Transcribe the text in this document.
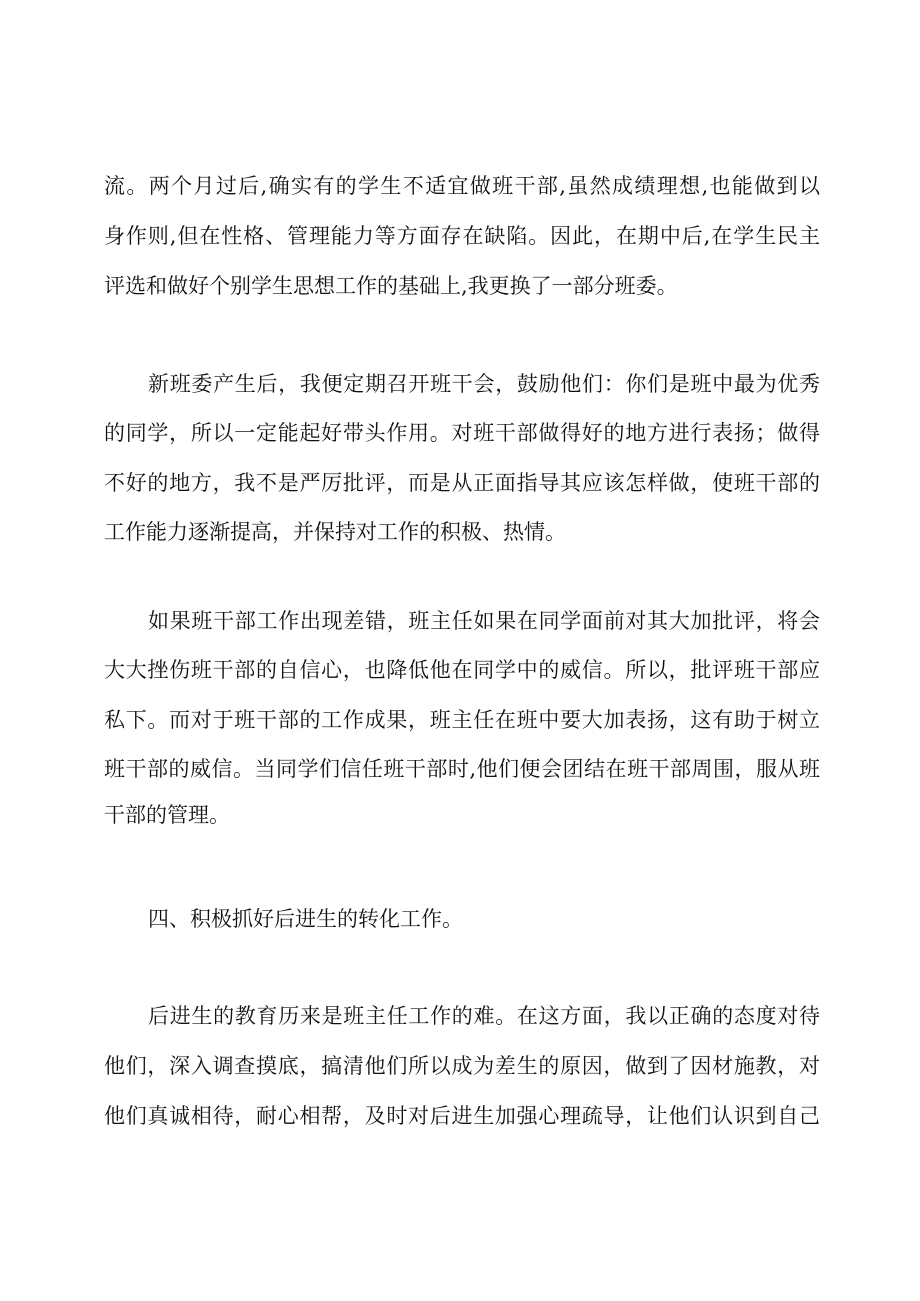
流。两个月过后,确实有的学生不适宜做班干部,虽然成绩理想,也能做到以
身作则,但在性格、管理能力等方面存在缺陷。因此，在期中后,在学生民主
评选和做好个别学生思想工作的基础上,我更换了一部分班委。
新班委产生后，我便定期召开班干会，鼓励他们：你们是班中最为优秀
的同学，所以一定能起好带头作用。对班干部做得好的地方进行表扬；做得
不好的地方，我不是严厉批评，而是从正面指导其应该怎样做，使班干部的
工作能力逐渐提高，并保持对工作的积极、热情。
如果班干部工作出现差错，班主任如果在同学面前对其大加批评，将会
大大挫伤班干部的自信心，也降低他在同学中的威信。所以，批评班干部应
私下。而对于班干部的工作成果，班主任在班中要大加表扬，这有助于树立
班干部的威信。当同学们信任班干部时,他们便会团结在班干部周围，服从班
干部的管理。
四、积极抓好后进生的转化工作。
后进生的教育历来是班主任工作的难。在这方面，我以正确的态度对待
他们，深入调查摸底，搞清他们所以成为差生的原因，做到了因材施教，对
他们真诚相待，耐心相帮，及时对后进生加强心理疏导，让他们认识到自己
